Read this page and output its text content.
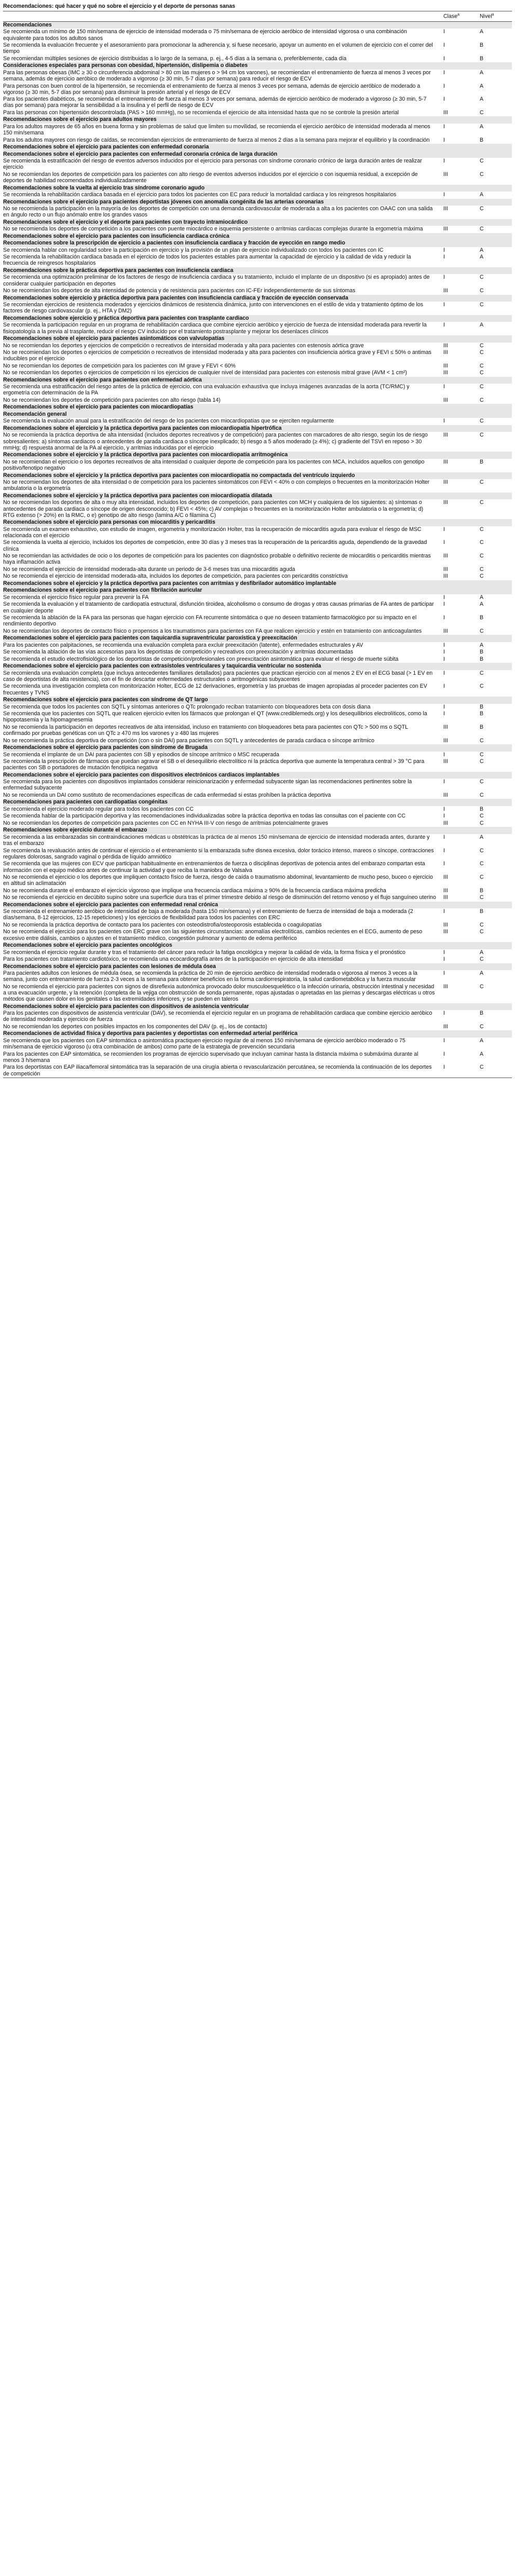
Recomendaciones: qué hacer y qué no sobre el ejercicio y el deporte de personas sanas
	Clase$^a$	Nivel$^a$
Recomendaciones		
Se recomienda un mínimo de 150 min/semana de ejercicio de intensidad moderada o 75 min/semana de ejercicio aeróbico de intensidad vigorosa o una combinación equivalente para todos los adultos sanos	I	A
Se recomienda la evaluación frecuente y el asesoramiento para promocionar la adherencia y, si fuese necesario, apoyar un aumento en el volumen de ejercicio con el correr del tiempo	I	B
Se recomiendan múltiples sesiones de ejercicio distribuidas a lo largo de la semana, p. ej., 4-5 días a la semana o, preferiblemente, cada día	I	B
Consideraciones especiales para personas con obesidad, hipertensión, dislipemia o diabetes		
Para las personas obesas (IMC ≥ 30 o circunferencia abdominal > 80 cm las mujeres o > 94 cm los varones), se recomiendan el entrenamiento de fuerza al menos 3 veces por semana, además de ejercicio aeróbico de moderado a vigoroso (≥ 30 min, 5-7 días por semana) para reducir el riesgo de ECV	I	A
Para personas con buen control de la hipertensión, se recomienda el entrenamiento de fuerza al menos 3 veces por semana, además de ejercicio aeróbico de moderado a vigoroso (≥ 30 min, 5-7 días por semana) para disminuir la presión arterial y el riesgo de ECV	I	A
Para los pacientes diabéticos, se recomienda el entrenamiento de fuerza al menos 3 veces por semana, además de ejercicio aeróbico de moderado a vigoroso (≥ 30 min, 5-7 días por semana) para mejorar la sensibilidad a la insulina y el perfil de riesgo de ECV	I	A
Para las personas con hipertensión descontrolada (PAS > 160 mmHg), no se recomienda el ejercicio de alta intensidad hasta que no se controle la presión arterial	III	C
Recomendaciones sobre el ejercicio para adultos mayores		
Para los adultos mayores de 65 años en buena forma y sin problemas de salud que limiten su movilidad, se recomienda el ejercicio aeróbico de intensidad moderada al menos 150 min/semana	I	A
Para los adultos mayores con riesgo de caídas, se recomiendan ejercicios de entrenamiento de fuerza al menos 2 días a la semana para mejorar el equilibrio y la coordinación	I	B
Recomendaciones sobre el ejercicio para pacientes con enfermedad coronaria		
Recomendaciones sobre el ejercicio para pacientes con enfermedad coronaria crónica de larga duración		
Se recomienda la estratificación del riesgo de eventos adversos inducidos por el ejercicio para personas con síndrome coronario crónico de larga duración antes de realizar ejercicio	I	C
No se recomiendan los deportes de competición para los pacientes con alto riesgo de eventos adversos inducidos por el ejercicio o con isquemia residual, a excepción de deportes de habilidad recomendados individualizadamente	III	C
Recomendaciones sobre la vuelta al ejercicio tras síndrome coronario agudo		
Se recomienda la rehabilitación cardiaca basada en el ejercicio para todos los pacientes con EC para reducir la mortalidad cardiaca y los reingresos hospitalarios	I	A
Recomendaciones sobre el ejercicio para pacientes deportistas jóvenes con anomalía congénita de las arterias coronarias		
No se recomienda la participación en la mayoría de los deportes de competición con una demanda cardiovascular de moderada a alta a los pacientes con OAAC con una salida en ángulo recto o un flujo anómalo entre los grandes vasos	III	C
Recomendaciones sobre el ejercicio y el deporte para pacientes con trayecto intramiocárdico		
No se recomienda los deportes de competición a los pacientes con puente miocárdico e isquemia persistente o arritmias cardiacas complejas durante la ergometría máxima	III	C
Recomendaciones sobre el ejercicio para pacientes con insuficiencia cardiaca crónica		
Recomendaciones sobre la prescripción de ejercicio a pacientes con insuficiencia cardiaca y fracción de eyección en rango medio		
Se recomienda hablar con regularidad sobre la participación en ejercicio y la provisión de un plan de ejercicio individualizado con todos los pacientes con IC	I	A
Se recomienda la rehabilitación cardiaca basada en el ejercicio de todos los pacientes estables para aumentar la capacidad de ejercicio y la calidad de vida y reducir la frecuencia de reingresos hospitalarios	I	A
Recomendaciones sobre la práctica deportiva para pacientes con insuficiencia cardiaca		
Se recomienda una optimización preliminar de los factores de riesgo de insuficiencia cardiaca y su tratamiento, incluido el implante de un dispositivo (si es apropiado) antes de considerar cualquier participación en deportes	I	C
No se recomiendan los deportes de alta intensidad de potencia y de resistencia para pacientes con IC-FEr independientemente de sus síntomas	III	C
Recomendaciones sobre ejercicio y práctica deportiva para pacientes con insuficiencia cardiaca y fracción de eyección conservada		
Se recomiendan ejercicios de resistencia moderados y ejercicios dinámicos de resistencia dinámica, junto con intervenciones en el estilo de vida y tratamiento óptimo de los factores de riesgo cardiovascular (p. ej., HTA y DM2)	I	C
Recomendaciones sobre ejercicio y práctica deportiva para pacientes con trasplante cardiaco		
Se recomienda la participación regular en un programa de rehabilitación cardiaca que combine ejercicio aeróbico y ejercicio de fuerza de intensidad moderada para revertir la fisiopatología a la previa al trasplante, reducir el riesgo CV inducido por el tratamiento postrasplante y mejorar los desenlaces clínicos	I	A
Recomendaciones sobre el ejercicio para pacientes asintomáticos con valvulopatías		
No se recomiendan los deportes y ejercicios de competición o recreativos de intensidad moderada y alta para pacientes con estenosis aórtica grave	III	C
No se recomiendan los deportes o ejercicios de competición o recreativos de intensidad moderada y alta para pacientes con insuficiencia aórtica grave y FEVI ≤ 50% o antimas inducibles por el ejercicio	III	C
No se recomiendan los deportes de competición para los pacientes con IM grave y FEVI < 60%	III	C
No se recomiendan los deportes o ejercicios de competición ni los ejercicios de cualquier nivel de intensidad para pacientes con estenosis mitral grave (AVM < 1 cm²)	III	C
Recomendaciones sobre el ejercicio para pacientes con enfermedad aórtica		
Se recomienda una estratificación del riesgo antes de la práctica de ejercicio, con una evaluación exhaustiva que incluya imágenes avanzadas de la aorta (TC/RMC) y ergometría con determinación de la PA	I	C
No se recomiendan los deportes de competición para pacientes con alto riesgo (tabla 14)	III	C
Recomendaciones sobre el ejercicio para pacientes con miocardiopatías		
Recomendación general		
Se recomienda la evaluación anual para la estratificación del riesgo de los pacientes con miocardiopatías que se ejerciten regularmente	I	C
Recomendaciones sobre el ejercicio y la práctica deportiva para pacientes con miocardiopatía hipertrófica		
No se recomienda la práctica deportiva de alta intensidad (incluidos deportes recreativos y de competición) para pacientes con marcadores de alto riesgo, según los de riesgo sobresalientes: a) síntomas cardiacos o antecedentes de parada cardiaca o síncope inexplicado; b) riesgo a 5 años moderado (≥ 4%); c) gradiente del TSVI en reposo > 30 mmHg; d) respuesta anormal de la PA al ejercicio, y arritmias inducidas por el ejercicio	III	C
Recomendaciones sobre el ejercicio y la práctica deportiva para pacientes con miocardiopatía arritmogénica		
No se recomiendan el ejercicio o los deportes recreativos de alta intensidad o cualquier deporte de competición para los pacientes con MCA, incluidos aquellos con genotipo positivo/fenotipo negativo	III	B
Recomendaciones sobre el ejercicio y la práctica deportiva para pacientes con miocardiopatía no compactada del ventrículo izquierdo		
No se recomiendan los deportes de alta intensidad o de competición para los pacientes sintomáticos con FEVI < 40% o con complejos o frecuentes en la monitorización Holter ambulatoria o la ergometría	III	C
Recomendaciones sobre el ejercicio y la práctica deportiva para pacientes con miocardiopatía dilatada		
No se recomiendan los deportes de alta o muy alta intensidad, incluidos los deportes de competición, para pacientes con MCH y cualquiera de los siguientes: a) síntomas o antecedentes de parada cardiaca o síncope de origen desconocido; b) FEVI < 45%; c) AV complejas o frecuentes en la monitorización Holter ambulatoria o la ergometría; d) RTG extenso (> 20%) en la RMC, o e) genotipo de alto riesgo (lamina A/C o filamina C)	III	C
Recomendaciones sobre el ejercicio para personas con miocarditis y pericarditis		
Se recomienda un examen exhaustivo, con estudio de imagen, ergometría y monitorización Holter, tras la recuperación de miocarditis aguda para evaluar el riesgo de MSC relacionada con el ejercicio	I	C
Se recomienda la vuelta al ejercicio, incluidos los deportes de competición, entre 30 días y 3 meses tras la recuperación de la pericarditis aguda, dependiendo de la gravedad clínica	I	C
No se recomiendan las actividades de ocio o los deportes de competición para los pacientes con diagnóstico probable o definitivo reciente de miocarditis o pericarditis mientras haya inflamación activa	III	C
No se recomienda el ejercicio de intensidad moderada-alta durante un periodo de 3-6 meses tras una miocarditis aguda	III	C
No se recomienda el ejercicio de intensidad moderada-alta, incluidos los deportes de competición, para pacientes con pericarditis constrictiva	III	C
Recomendaciones sobre el ejercicio y la práctica deportiva para pacientes con arritmias y desfibrilador automático implantable		
Recomendaciones sobre el ejercicio para pacientes con fibrilación auricular		
Se recomienda el ejercicio físico regular para prevenir la FA	I	A
Se recomienda la evaluación y el tratamiento de cardiopatía estructural, disfunción tiroidea, alcoholismo o consumo de drogas y otras causas primarias de FA antes de participar en cualquier deporte	I	A
Se recomienda la ablación de la FA para las personas que hagan ejercicio con FA recurrente sintomática o que no deseen tratamiento farmacológico por su impacto en el rendimiento deportivo	I	B
No se recomiendan los deportes de contacto físico o propensos a los traumatismos para pacientes con FA que realicen ejercicio y estén en tratamiento con anticoagulantes	III	C
Recomendaciones sobre el ejercicio para pacientes con taquicardia supraventricular paroxística y preexcitación		
Para los pacientes con palpitaciones, se recomienda una evaluación completa para excluir preexcitación (latente), enfermedades estructurales y AV	I	A
Se recomienda la ablación de las vías accesorias para los deportistas de competición y recreativos con preexcitación y arritmias documentadas	I	B
Se recomienda el estudio electrofisiológico de los deportistas de competición/profesionales con preexcitación asintomática para evaluar el riesgo de muerte súbita	I	B
Recomendaciones sobre el ejercicio para pacientes con extrasístoles ventriculares y taquicardia ventricular no sostenida		
Se recomienda una evaluación completa (que incluya antecedentes familiares detallados) para pacientes que practican ejercicio con al menos 2 EV en el ECG basal (> 1 EV en caso de deportistas de alta resistencia), con el fin de descartar enfermedades estructurales o arritmogénicas subyacentes	I	C
Se recomienda una investigación completa con monitorización Holter, ECG de 12 derivaciones, ergometría y las pruebas de imagen apropiadas al proceder pacientes con EV frecuentes y TVNS	I	C
Recomendaciones sobre el ejercicio para pacientes con síndrome de QT largo		
Se recomienda que todos los pacientes con SQTL y síntomas anteriores o QTc prolongado reciban tratamiento con bloqueadores beta con dosis diana	I	B
Se recomienda que los pacientes con SQTL que realicen ejercicio eviten los fármacos que prolongan el QT (www.crediblemeds.org) y los desequilibrios electrolíticos, como la hipopotasemia y la hipomagnesemia	I	B
No se recomienda la participación en deportes recreativos de alta intensidad, incluso en tratamiento con bloqueadores beta para pacientes con QTc > 500 ms o SQTL confirmado por pruebas genéticas con un QTc ≥ 470 ms los varones y ≥ 480 las mujeres	III	B
No se recomienda la práctica deportiva de competición (con o sin DAI) para pacientes con SQTL y antecedentes de parada cardiaca o síncope arrítmico	III	C
Recomendaciones sobre el ejercicio para pacientes con síndrome de Brugada		
Se recomienda el implante de un DAI para pacientes con SB y episodios de síncope arrítmico o MSC recuperada	I	C
Se recomienda la prescripción de fármacos que puedan agravar el SB o el desequilibrio electrolítico ni la práctica deportiva que aumente la temperatura central > 39 °C para pacientes con SB o portadores de mutación fenotípica negativa	III	C
Recomendaciones sobre el ejercicio para pacientes con dispositivos electrónicos cardiacos implantables		
Se recomienda para los pacientes con dispositivos implantados considerar reinicionarización y enfermedad subyacente sigan las recomendaciones pertinentes sobre la enfermedad subyacente	I	C
No se recomienda un DAI como sustituto de recomendaciones específicas de cada enfermedad si estas prohíben la práctica deportiva	III	C
Recomendaciones para pacientes con cardiopatías congénitas		
Se recomienda el ejercicio moderado regular para todos los pacientes con CC	I	B
Se recomienda hablar de la participación deportiva y las recomendaciones individualizadas sobre la práctica deportiva en todas las consultas con el paciente con CC	I	C
No se recomiendan los deportes de competición para pacientes con CC en NYHA III-V con riesgo de arritmias potencialmente graves	III	C
Recomendaciones sobre ejercicio durante el embarazo		
Se recomienda a las embarazadas sin contraindicaciones médicas u obstétricas la práctica de al menos 150 min/semana de ejercicio de intensidad moderada antes, durante y tras el embarazo	I	A
Se recomienda la revaluación antes de continuar el ejercicio o el entrenamiento si la embarazada sufre disnea excesiva, dolor torácico intenso, mareos o síncope, contracciones regulares dolorosas, sangrado vaginal o pérdida de líquido amniótico	I	C
Se recomienda que las mujeres con ECV que participan habitualmente en entrenamientos de fuerza o disciplinas deportivas de potencia antes del embarazo compartan esta información con el equipo médico antes de continuar la actividad y que reciba la maniobra de Valsalva	I	C
No se recomienda el ejercicio o los deportes que impliquen contacto físico de fuerza, riesgo de caída o traumatismo abdominal, levantamiento de mucho peso, buceo o ejercicio en altitud sin aclimatación	III	C
No se recomienda durante el embarazo el ejercicio vigoroso que implique una frecuencia cardiaca máxima ≥ 90% de la frecuencia cardiaca máxima predicha	III	B
No se recomienda el ejercicio en decúbito supino sobre una superficie dura tras el primer trimestre debido al riesgo de disminución del retorno venoso y el flujo sanguíneo uterino	III	C
Recomendaciones sobre el ejercicio para pacientes con enfermedad renal crónica		
Se recomienda el entrenamiento aeróbico de intensidad de baja a moderada (hasta 150 min/semana) y el entrenamiento de fuerza de intensidad de baja a moderada (2 días/semana, 8-12 ejercicios, 12-15 repeticiones) y los ejercicios de flexibilidad para todos los pacientes con ERC	I	B
No se recomienda la práctica deportiva de contacto para los pacientes con osteodistrofia/osteoporosis establecida o coagulopatías	III	C
No se recomienda el ejercicio para los pacientes con ERC grave con las siguientes circunstancias: anomalías electrolíticas, cambios recientes en el ECG, aumento de peso excesivo entre diálisis, cambios o ajustes en el tratamiento médico, congestión pulmonar y aumento de edema periférico	III	C
Recomendaciones sobre el ejercicio para pacientes oncológicos		
Se recomienda el ejercicio regular durante y tras el tratamiento del cáncer para reducir la fatiga oncológica y mejorar la calidad de vida, la forma física y el pronóstico	I	A
Para los pacientes con tratamiento cardiotóxico, se recomienda una ecocardiografía antes de la participación en ejercicio de alta intensidad	I	C
Recomendaciones sobre el ejercicio para pacientes con lesiones de médula ósea		
Para pacientes adultos con lesiones de médula ósea, se recomienda la práctica de 20 min de ejercicio aeróbico de intensidad moderada o vigorosa al menos 3 veces a la semana, junto con entrenamiento de fuerza 2-3 veces a la semana para obtener beneficios en la forma cardiorrespiratoria, la salud cardiometabólica y la fuerza muscular	I	A
No se recomienda el ejercicio para pacientes con signos de disreflexia autonómica provocado dolor musculoesquelético o la infección urinaria, obstrucción intestinal y necesidad a una evacuación urgente, y la retención (completa de la vejiga con obstrucción de sonda permanente, ropas ajustadas o apretadas en las piernas y descargas eléctricas u otros métodos que causen dolor en los genitales o las extremidades inferiores, y se pueden en taleros	III	C
Recomendaciones sobre el ejercicio para pacientes con dispositivos de asistencia ventricular		
Para los pacientes con dispositivos de asistencia ventricular (DAV), se recomienda el ejercicio regular en un programa de rehabilitación cardiaca que combine ejercicio aeróbico de intensidad moderada y ejercicio de fuerza	I	B
No se recomiendan los deportes con posibles impactos en los componentes del DAV (p. ej., los de contacto)	III	C
Recomendaciones de actividad física y deportiva para pacientes y deportistas con enfermedad arterial periférica		
Se recomienda que los pacientes con EAP sintomática o asintomática practiquen ejercicio regular de al menos 150 min/semana de ejercicio aeróbico moderado o 75 min/semana de ejercicio vigoroso (u otra combinación de ambos) como parte de la estrategia de prevención secundaria	I	A
Para los pacientes con EAP sintomática, se recomienden los programas de ejercicio supervisado que incluyan caminar hasta la distancia máxima o submáxima durante al menos 3 h/semana	I	A
Para los deportistas con EAP iliaca/femoral sintomática tras la separación de una cirugía abierta o revascularización percutánea, se recomienda la continuación de los deportes de competición	I	C
